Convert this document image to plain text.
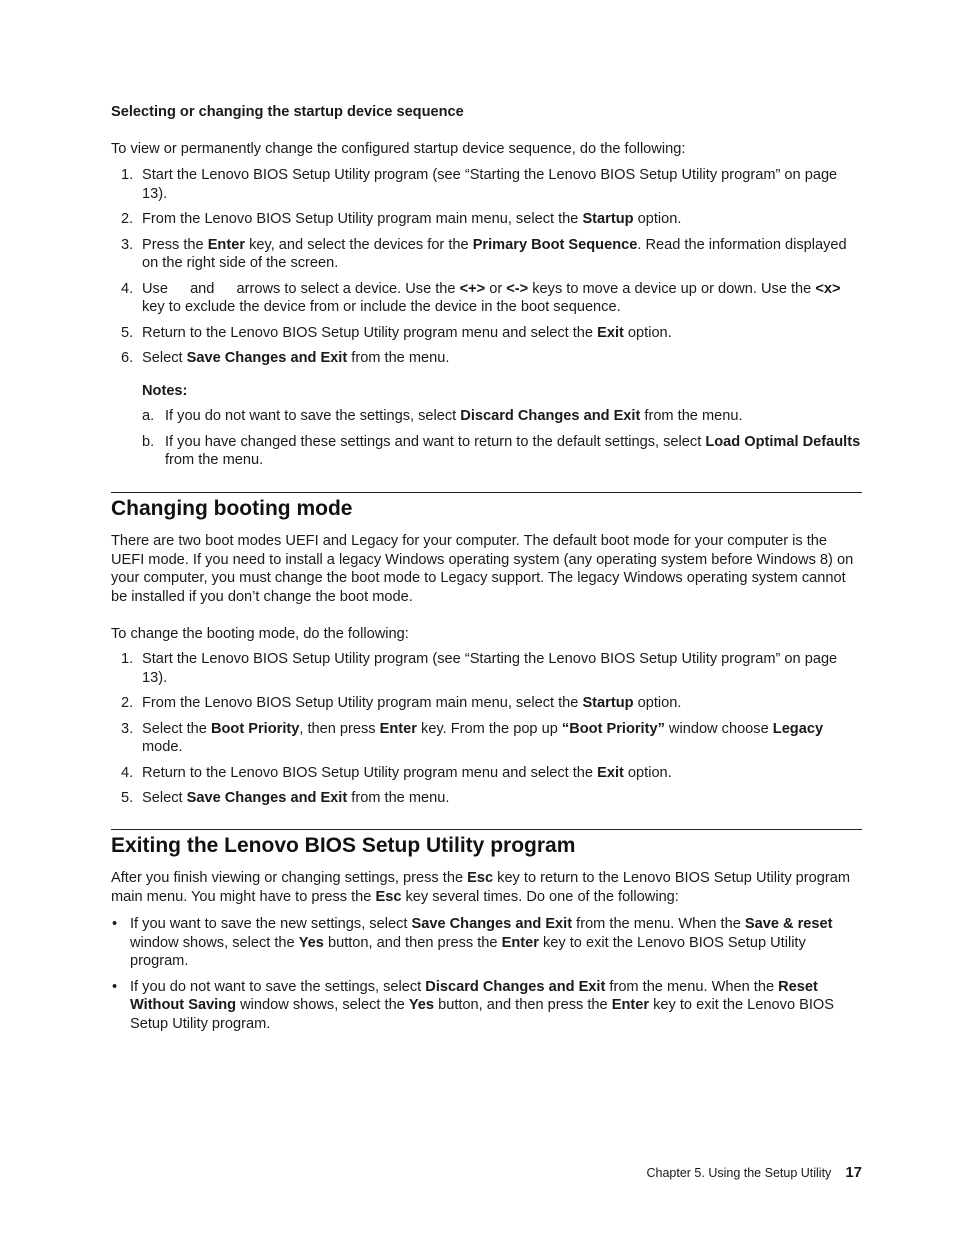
Selecting or changing the startup device sequence
To view or permanently change the configured startup device sequence, do the following:
1. Start the Lenovo BIOS Setup Utility program (see “Starting the Lenovo BIOS Setup Utility program” on page 13).
2. From the Lenovo BIOS Setup Utility program main menu, select the Startup option.
3. Press the Enter key, and select the devices for the Primary Boot Sequence. Read the information displayed on the right side of the screen.
4. Use  and  arrows to select a device. Use the <+> or <-> keys to move a device up or down. Use the <x> key to exclude the device from or include the device in the boot sequence.
5. Return to the Lenovo BIOS Setup Utility program menu and select the Exit option.
6. Select Save Changes and Exit from the menu.
Notes:
a. If you do not want to save the settings, select Discard Changes and Exit from the menu.
b. If you have changed these settings and want to return to the default settings, select Load Optimal Defaults from the menu.
Changing booting mode
There are two boot modes UEFI and Legacy for your computer. The default boot mode for your computer is the UEFI mode. If you need to install a legacy Windows operating system (any operating system before Windows 8) on your computer, you must change the boot mode to Legacy support. The legacy Windows operating system cannot be installed if you don’t change the boot mode.
To change the booting mode, do the following:
1. Start the Lenovo BIOS Setup Utility program (see “Starting the Lenovo BIOS Setup Utility program” on page 13).
2. From the Lenovo BIOS Setup Utility program main menu, select the Startup option.
3. Select the Boot Priority, then press Enter key. From the pop up “Boot Priority” window choose Legacy mode.
4. Return to the Lenovo BIOS Setup Utility program menu and select the Exit option.
5. Select Save Changes and Exit from the menu.
Exiting the Lenovo BIOS Setup Utility program
After you finish viewing or changing settings, press the Esc key to return to the Lenovo BIOS Setup Utility program main menu. You might have to press the Esc key several times. Do one of the following:
• If you want to save the new settings, select Save Changes and Exit from the menu. When the Save & reset window shows, select the Yes button, and then press the Enter key to exit the Lenovo BIOS Setup Utility program.
• If you do not want to save the settings, select Discard Changes and Exit from the menu. When the Reset Without Saving window shows, select the Yes button, and then press the Enter key to exit the Lenovo BIOS Setup Utility program.
Chapter 5. Using the Setup Utility 17
